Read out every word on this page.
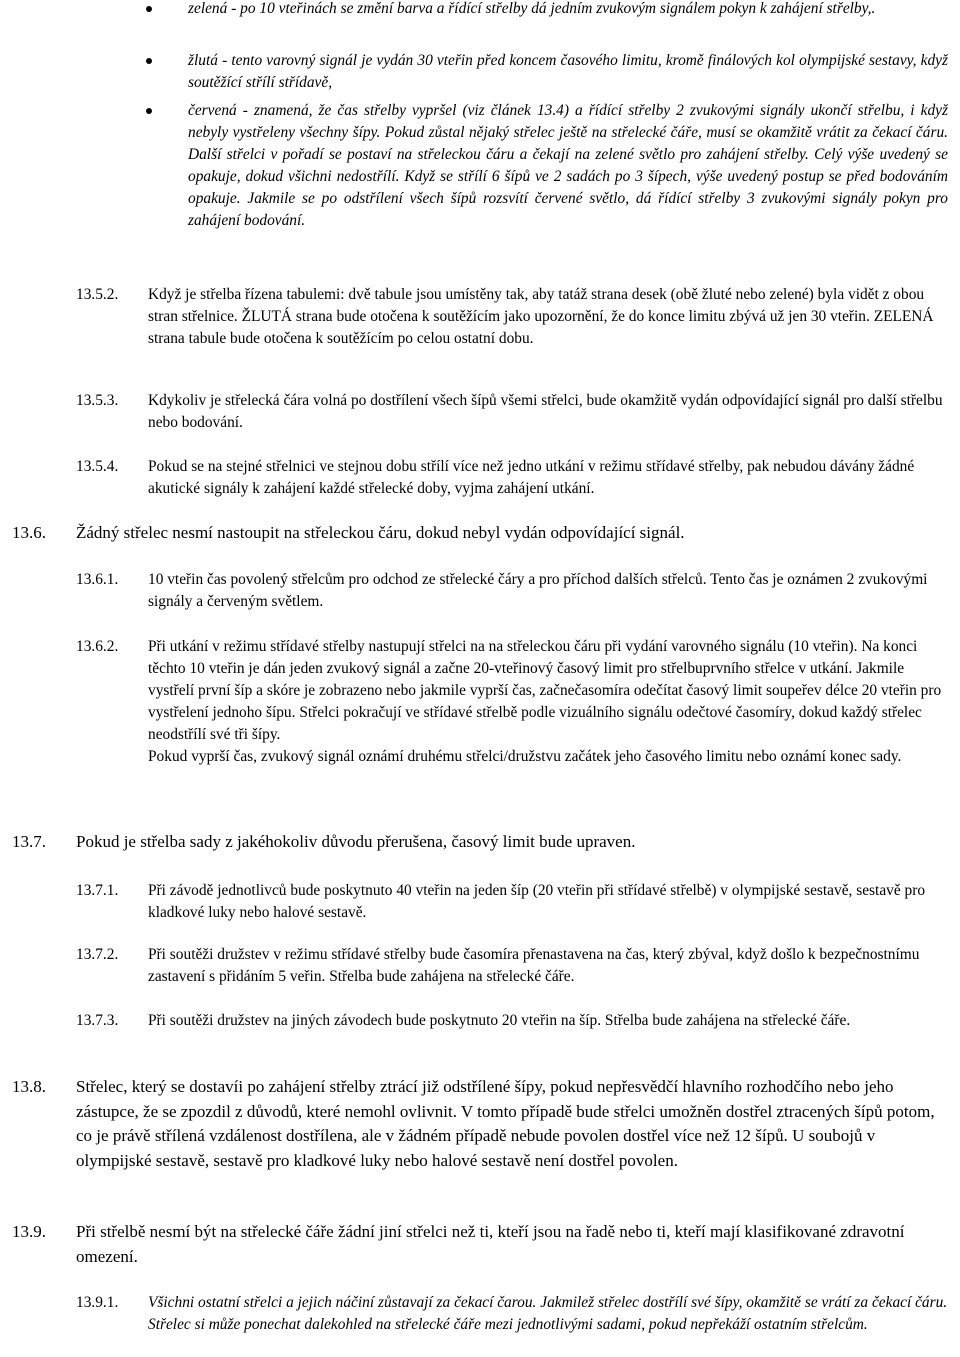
zelená - po 10 vteřinách se změní barva a řídící střelby dá jedním zvukovým signálem pokyn k zahájení střelby,.
žlutá - tento varovný signál je vydán 30 vteřin před koncem časového limitu, kromě finálových kol olympijské sestavy, když soutěžící střílí střídavě,
červená - znamená, že čas střelby vypršel (viz článek 13.4) a řídící střelby 2 zvukovými signály ukončí střelbu, i když nebyly vystřeleny všechny šípy. Pokud zůstal nějaký střelec ještě na střelecké čáře, musí se okamžitě vrátit za čekací čáru. Další střelci v pořadí se postaví na střeleckou čáru a čekají na zelené světlo pro zahájení střelby. Celý výše uvedený se opakuje, dokud všichni nedostřílí. Když se střílí 6 šípů ve 2 sadách po 3 šípech, výše uvedený postup se před bodováním opakuje. Jakmile se po odstřílení všech šípů rozsvítí červené světlo, dá řídící střelby 3 zvukovými signály pokyn pro zahájení bodování.
13.5.2. Když je střelba řízena tabulemi: dvě tabule jsou umístěny tak, aby tatáž strana desek (obě žluté nebo zelené) byla vidět z obou stran střelnice. ŽLUTÁ strana bude otočena k soutěžícím jako upozornění, že do konce limitu zbývá už jen 30 vteřin. ZELENÁ strana tabule bude otočena k soutěžícím po celou ostatní dobu.
13.5.3. Kdykoliv je střelecká čára volná po dostřílení všech šípů všemi střelci, bude okamžitě vydán odpovídající signál pro další střelbu nebo bodování.
13.5.4. Pokud se na stejné střelnici ve stejnou dobu střílí více než jedno utkání v režimu střídavé střelby, pak nebudou dávány žádné akutické signály k zahájení každé střelecké doby, vyjma zahájení utkání.
13.6. Žádný střelec nesmí nastoupit na střeleckou čáru, dokud nebyl vydán odpovídající signál.
13.6.1. 10 vteřin čas povolený střelcům pro odchod ze střelecké čáry a pro příchod dalších střelců. Tento čas je oznámen 2 zvukovými signály a červeným světlem.
13.6.2. Při utkání v režimu střídavé střelby nastupují střelci na na střeleckou čáru při vydání varovného signálu (10 vteřin). Na konci těchto 10 vteřin je dán jeden zvukový signál a začne 20-vteřinový časový limit pro střelbuprvního střelce v utkání. Jakmile vystřelí první šíp a skóre je zobrazeno nebo jakmile vyprší čas, začnečasomíra odečítat časový limit soupeřev délce 20 vteřin pro vystřelení jednoho šípu. Střelci pokračují ve střídavé střelbě podle vizuálního signálu odečtové časomíry, dokud každý střelec neodstřílí své tři šípy.
Pokud vyprší čas, zvukový signál oznámí druhému střelci/družstvu začátek jeho časového limitu nebo oznámí konec sady.
13.7. Pokud je střelba sady z jakéhokoliv důvodu přerušena, časový limit bude upraven.
13.7.1. Při závodě jednotlivců bude poskytnuto 40 vteřin na jeden šíp (20 vteřin při střídavé střelbě) v olympijské sestavě, sestavě pro kladkové luky nebo halové sestavě.
13.7.2. Při soutěži družstev v režimu střídavé střelby bude časomíra přenastavena na čas, který zbýval, když došlo k bezpečnostnímu zastavení s přidáním 5 veřin. Střelba bude zahájena na střelecké čáře.
13.7.3. Při soutěži družstev na jiných závodech bude poskytnuto 20 vteřin na šíp. Střelba bude zahájena na střelecké čáře.
13.8. Střelec, který se dostavíi po zahájení střelby ztrácí již odstřílené šípy, pokud nepřesvědčí hlavního rozhodčího nebo jeho zástupce, že se zpozdil z důvodů, které nemohl ovlivnit. V tomto případě bude střelci umožněn dostřel ztracených šípů potom, co je právě střílená vzdálenost dostřílena, ale v žádném případě nebude povolen dostřel více než 12 šípů. U soubojů v olympijské sestavě, sestavě pro kladkové luky nebo halové sestavě není dostřel povolen.
13.9. Při střelbě nesmí být na střelecké čáře žádní jiní střelci než ti, kteří jsou na řadě nebo ti, kteří mají klasifikované zdravotní omezení.
13.9.1. Všichni ostatní střelci a jejich náčiní zůstavají za čekací čarou. Jakmilež střelec dostřílí své šípy, okamžitě se vrátí za čekací čáru. Střelec si může ponechat dalekohled na střelecké čáře mezi jednotlivými sadami, pokud nepřekáží ostatním střelcům.
